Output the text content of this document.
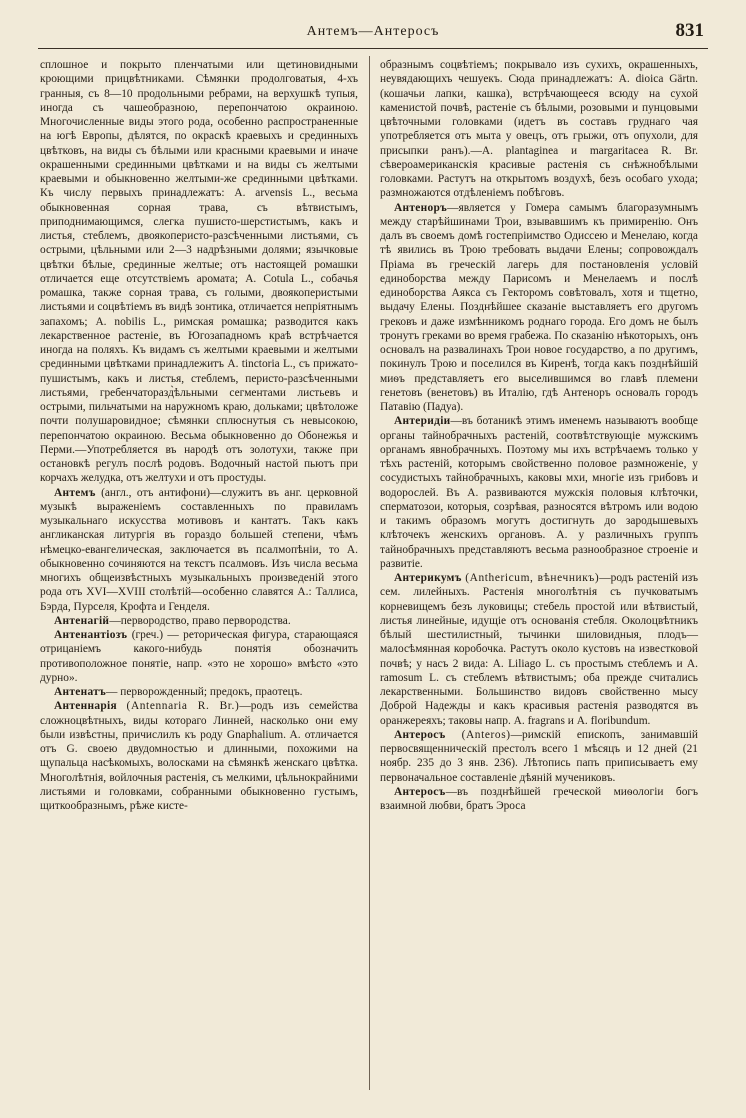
Антемъ—Антеросъ	831

сплошное и покрыто пленчатыми или щетиновидными кроющими прицвѣтниками. Сѣмянки продолговатыя, 4-хъ гранныя, съ 8—10 продольными ребрами, на верхушкѣ тупыя, иногда съ чашеобразною, перепончатою окраиною. Многочисленные виды этого рода, особенно распространенные на югѣ Европы, дѣлятся, по окраскѣ краевыхъ и срединныхъ цвѣтковъ, на виды съ бѣлыми или красными краевыми и иначе окрашенными срединными цвѣтками и на виды съ желтыми краевыми и обыкновенно желтыми-же срединными цвѣтками. Къ числу первыхъ принадлежатъ: A. arvensis L., весьма обыкновенная сорная трава, съ вѣтвистымъ, приподнимающимся, слегка пушисто-шерстистымъ, какъ и листья, стеблемъ, двоякоперисто-разсѣченными листьями, съ острыми, цѣльными или 2—3 надрѣзными долями; язычковые цвѣтки бѣлые, срединные желтые; отъ настоящей ромашки отличается еще отсутствіемъ аромата; A. Cotula L., собачья ромашка, также сорная трава, съ голыми, двоякоперистыми листьями и соцвѣтіемъ въ видѣ зонтика, отличается непріятнымъ запахомъ; A. nobilis L., римская ромашка; разводится какъ лекарственное растеніе, въ Югозападномъ краѣ встрѣчается иногда на поляхъ. Къ видамъ съ желтыми краевыми и желтыми срединными цвѣтками принадлежитъ A. tinctoria L., съ прижато-пушистымъ, какъ и листья, стеблемъ, перисто-разсѣченными листьями, гребенчаторазд̀ѣльными сегментами листьевъ и острыми, пильчатыми на наружномъ краю, дольками; цвѣтоложе почти полушаровидное; сѣмянки сплюснутыя съ невысокою, перепончатою окраиною. Весьма обыкновенно до Обонежья и Перми.—Употребляется въ народѣ отъ золотухи, также при остановкѣ регулъ послѣ родовъ. Водочный настой пьютъ при корчахъ желудка, отъ желтухи и отъ простуды.

Антемъ (англ., отъ антифони)—служитъ въ анг. церковной музыкѣ выраженіемъ составленныхъ по правиламъ музыкальнаго искусства мотивовъ и кантатъ. Такъ какъ англиканская литургія въ гораздо большей степени, чѣмъ нѣмецко-евангелическая, заключается въ псалмопѣніи, то A. обыкновенно сочиняются на текстъ псалмовъ. Изъ числа весьма многихъ общеизвѣстныхъ музыкальныхъ произведеній этого рода отъ XVI—XVIII столѣтій—особенно славятся A.: Таллиса, Бэрда, Пурселя, Крофта и Генделя.

Антенагій—первородство, право первородства.

Антенантіозъ (греч.) — реторическая фигура, старающаяся отрицаніемъ какого-нибудь понятія обозначить противоположное понятіе, напр. «это не хорошо» вмѣсто «это дурно».

Антенатъ— перворожденный; предокъ, праотецъ.

Антеннарія (Antennaria R. Br.)—родъ изъ семейства сложноцвѣтныхъ, виды котораго Линней, насколько они ему были извѣстны, причислилъ къ роду Gnaphalium. A. отличается отъ G. своею двудомностью и длинными, похожими на щупальца насѣкомыхъ, волосками на сѣмянкѣ женскаго цвѣтка. Многолѣтнія, войлочныя растенія, съ мелкими, цѣльнокрайними листьями и головками, собранными обыкновенно густымъ, щиткообразнымъ, рѣже кисте-

образнымъ соцвѣтіемъ; покрывало изъ сухихъ, окрашенныхъ, неувядающихъ чешуекъ. Сюда принадлежатъ: A. dioica Gärtn. (кошачьи лапки, кашка), встрѣчающееся всюду на сухой каменистой почвѣ, растеніе съ бѣлыми, розовыми и пунцовыми цвѣточными головками (идетъ въ составъ груднаго чая употребляется отъ мыта у овецъ, отъ грыжи, отъ опухоли, для присыпки ранъ).—A. plantaginea и margaritacea R. Br. сѣвероамериканскія красивые растенія съ снѣжнобѣлыми головками. Растутъ на открытомъ воздухѣ, безъ особаго ухода; размножаются отдѣленіемъ побѣговъ.

Антеноръ—является у Гомера самымъ благоразумнымъ между старѣйшинами Трои, взывавшимъ къ примиренію. Онъ далъ въ своемъ домѣ гостепріимство Одиссею и Менелаю, когда тѣ явились въ Трою требовать выдачи Елены; сопровождалъ Пріама въ греческій лагерь для постановленія условій единоборства между Парисомъ и Менелаемъ и послѣ единоборства Аякса съ Гекторомъ совѣтовалъ, хотя и тщетно, выдачу Елены. Позднѣйшее сказаніе выставляетъ его другомъ грековъ и даже измѣнникомъ роднаго города. Его домъ не былъ тронутъ греками во время грабежа. По сказанію нѣкоторыхъ, онъ основалъ на развалинахъ Трои новое государство, а по другимъ, покинулъ Трою и поселился въ Киренѣ, тогда какъ позднѣйшій миѳъ представляетъ его выселившимся во главѣ племени генетовъ (венетовъ) въ Италію, гдѣ Антеноръ основалъ городъ Патавію (Падуа).

Антеридіи—въ ботаникѣ этимъ именемъ называютъ вообще органы тайнобрачныхъ растеній, соотвѣтствующіе мужскимъ органамъ явнобрачныхъ. Поэтому мы ихъ встрѣчаемъ только у тѣхъ растеній, которымъ свойственно половое размноженіе, у сосудистыхъ тайнобрачныхъ, каковы мхи, многіе изъ грибовъ и водорослей. Въ A. развиваются мужскія половыя клѣточки, сперматозои, которыя, созрѣвая, разносятся вѣтромъ или водою и такимъ образомъ могутъ достигнуть до зародышевыхъ клѣточекъ женскихъ органовъ. A. у различныхъ группъ тайнобрачныхъ представляютъ весьма разнообразное строеніе и развитіе.

Антерикумъ (Anthericum, вѣнечникъ)—родъ растеній изъ сем. лилейныхъ. Растенія многолѣтнія съ пучковатымъ корневищемъ безъ луковицы; стебель простой или вѣтвистый, листья линейные, идущіе отъ основанія стебля. Околоцвѣтникъ бѣлый шестилистный, тычинки шиловидныя, плодъ—малосѣмянная коробочка. Растутъ около кустовъ на известковой почвѣ; у насъ 2 вида: A. Liliago L. съ простымъ стеблемъ и A. ramosum L. съ стеблемъ вѣтвистымъ; оба прежде считались лекарственными. Большинство видовъ свойственно мысу Доброй Надежды и какъ красивыя растенія разводятся въ оранжереяхъ; таковы напр. A. fragrans и A. floribundum.

Антеросъ (Anteros)—римскій епископъ, занимавшій первосвященническій престолъ всего 1 мѣсяцъ и 12 дней (21 ноябр. 235 до 3 янв. 236). Лѣтопись папъ приписываетъ ему первоначальное составленіе дѣяній мучениковъ.

Антеросъ—въ позднѣйшей греческой миѳологіи богъ взаимной любви, братъ Эроса
